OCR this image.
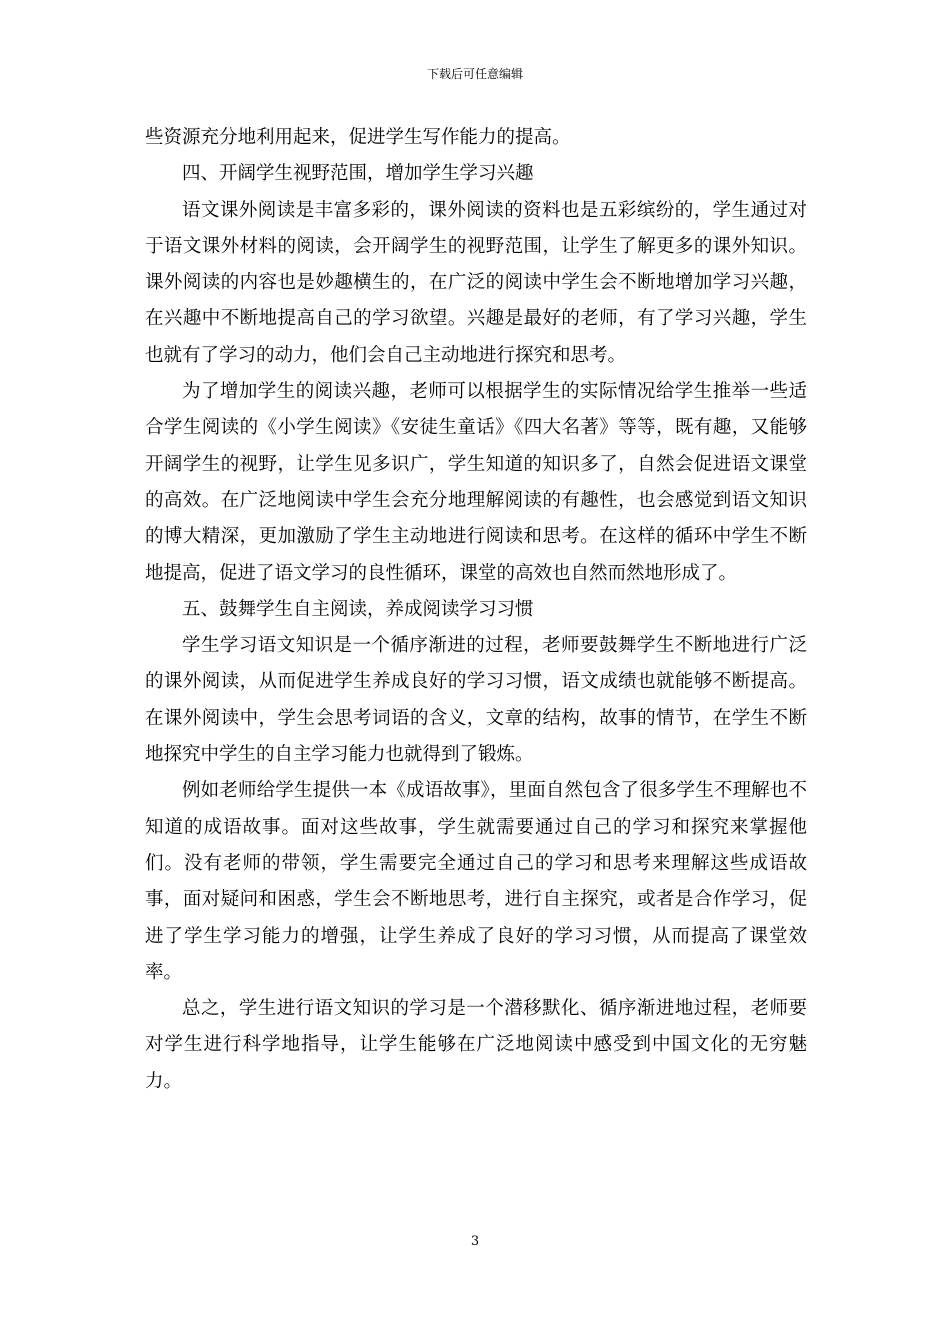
下载后可任意编辑

些资源充分地利用起来，促进学生写作能力的提高。

四、开阔学生视野范围，增加学生学习兴趣

语文课外阅读是丰富多彩的，课外阅读的资料也是五彩缤纷的，学生通过对于语文课外材料的阅读，会开阔学生的视野范围，让学生了解更多的课外知识。课外阅读的内容也是妙趣横生的，在广泛的阅读中学生会不断地增加学习兴趣，在兴趣中不断地提高自己的学习欲望。兴趣是最好的老师，有了学习兴趣，学生也就有了学习的动力，他们会自己主动地进行探究和思考。

为了增加学生的阅读兴趣，老师可以根据学生的实际情况给学生推举一些适合学生阅读的《小学生阅读》《安徒生童话》《四大名著》等等，既有趣，又能够开阔学生的视野，让学生见多识广，学生知道的知识多了，自然会促进语文课堂的高效。在广泛地阅读中学生会充分地理解阅读的有趣性，也会感觉到语文知识的博大精深，更加激励了学生主动地进行阅读和思考。在这样的循环中学生不断地提高，促进了语文学习的良性循环，课堂的高效也自然而然地形成了。

五、鼓舞学生自主阅读，养成阅读学习习惯

学生学习语文知识是一个循序渐进的过程，老师要鼓舞学生不断地进行广泛的课外阅读，从而促进学生养成良好的学习习惯，语文成绩也就能够不断提高。在课外阅读中，学生会思考词语的含义，文章的结构，故事的情节，在学生不断地探究中学生的自主学习能力也就得到了锻炼。

例如老师给学生提供一本《成语故事》，里面自然包含了很多学生不理解也不知道的成语故事。面对这些故事，学生就需要通过自己的学习和探究来掌握他们。没有老师的带领，学生需要完全通过自己的学习和思考来理解这些成语故事，面对疑问和困惑，学生会不断地思考，进行自主探究，或者是合作学习，促进了学生学习能力的增强，让学生养成了良好的学习习惯，从而提高了课堂效率。

总之，学生进行语文知识的学习是一个潜移默化、循序渐进地过程，老师要对学生进行科学地指导，让学生能够在广泛地阅读中感受到中国文化的无穷魅力。

3
